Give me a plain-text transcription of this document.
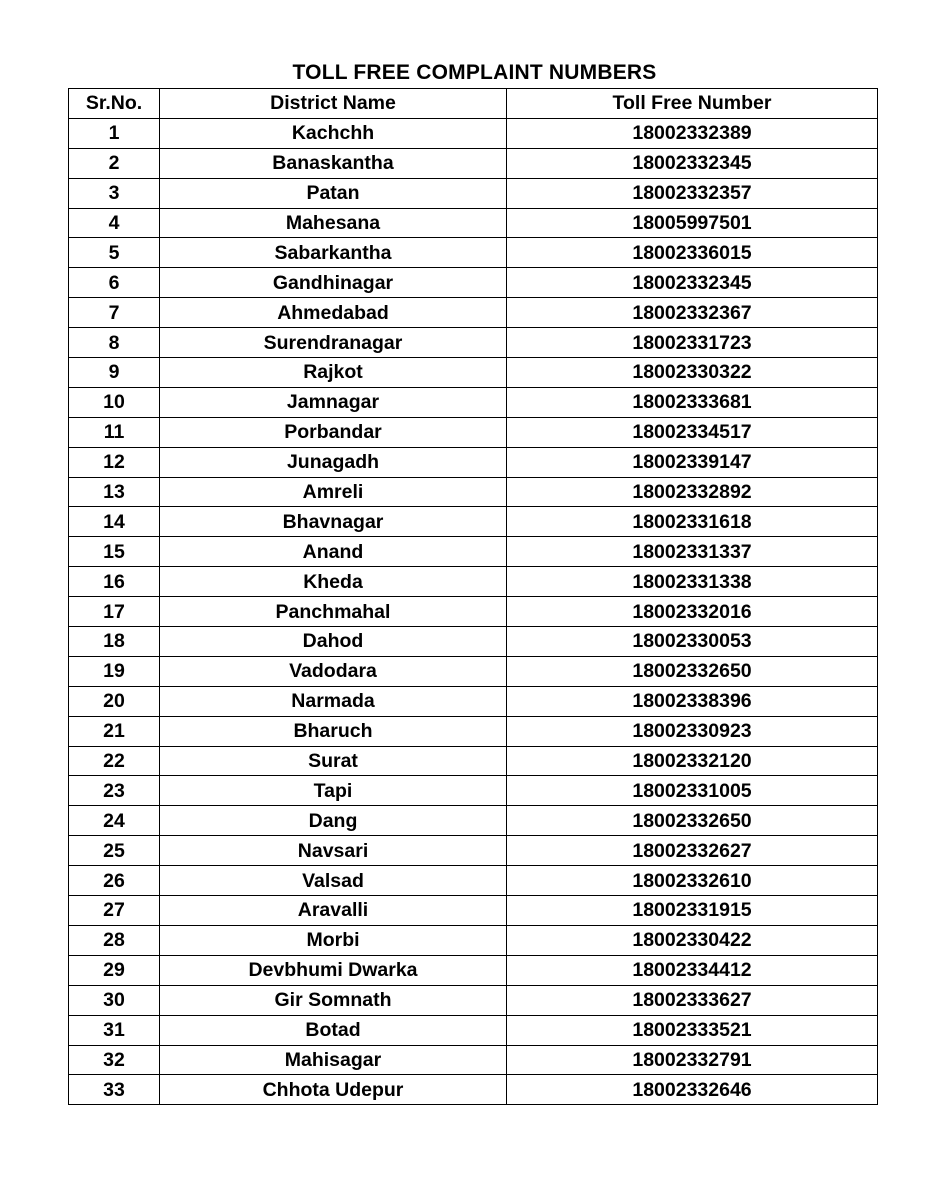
TOLL FREE COMPLAINT NUMBERS
Sr.No.	District Name	Toll Free Number
1	Kachchh	18002332389
2	Banaskantha	18002332345
3	Patan	18002332357
4	Mahesana	18005997501
5	Sabarkantha	18002336015
6	Gandhinagar	18002332345
7	Ahmedabad	18002332367
8	Surendranagar	18002331723
9	Rajkot	18002330322
10	Jamnagar	18002333681
11	Porbandar	18002334517
12	Junagadh	18002339147
13	Amreli	18002332892
14	Bhavnagar	18002331618
15	Anand	18002331337
16	Kheda	18002331338
17	Panchmahal	18002332016
18	Dahod	18002330053
19	Vadodara	18002332650
20	Narmada	18002338396
21	Bharuch	18002330923
22	Surat	18002332120
23	Tapi	18002331005
24	Dang	18002332650
25	Navsari	18002332627
26	Valsad	18002332610
27	Aravalli	18002331915
28	Morbi	18002330422
29	Devbhumi Dwarka	18002334412
30	Gir Somnath	18002333627
31	Botad	18002333521
32	Mahisagar	18002332791
33	Chhota Udepur	18002332646
